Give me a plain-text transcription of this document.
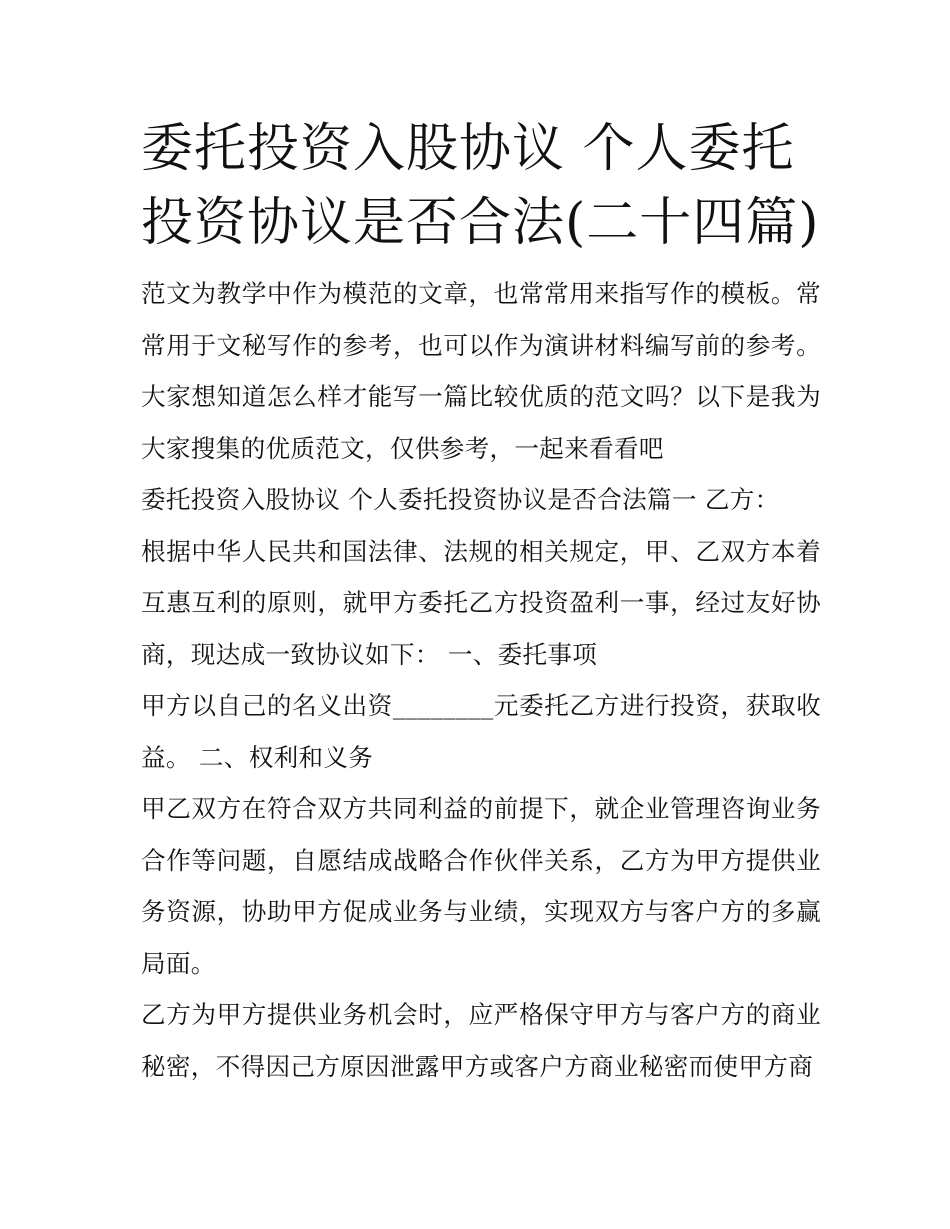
委托投资入股协议 个人委托投资协议是否合法(二十四篇)

范文为教学中作为模范的文章，也常常用来指写作的模板。常常用于文秘写作的参考，也可以作为演讲材料编写前的参考。大家想知道怎么样才能写一篇比较优质的范文吗？以下是我为大家搜集的优质范文，仅供参考，一起来看看吧

委托投资入股协议 个人委托投资协议是否合法篇一 乙方：

根据中华人民共和国法律、法规的相关规定，甲、乙双方本着互惠互利的原则，就甲方委托乙方投资盈利一事，经过友好协商，现达成一致协议如下： 一、委托事项

甲方以自己的名义出资________元委托乙方进行投资，获取收益。 二、权利和义务

甲乙双方在符合双方共同利益的前提下，就企业管理咨询业务合作等问题，自愿结成战略合作伙伴关系，乙方为甲方提供业务资源，协助甲方促成业务与业绩，实现双方与客户方的多赢局面。

乙方为甲方提供业务机会时，应严格保守甲方与客户方的商业秘密，不得因己方原因泄露甲方或客户方商业秘密而使甲方商
